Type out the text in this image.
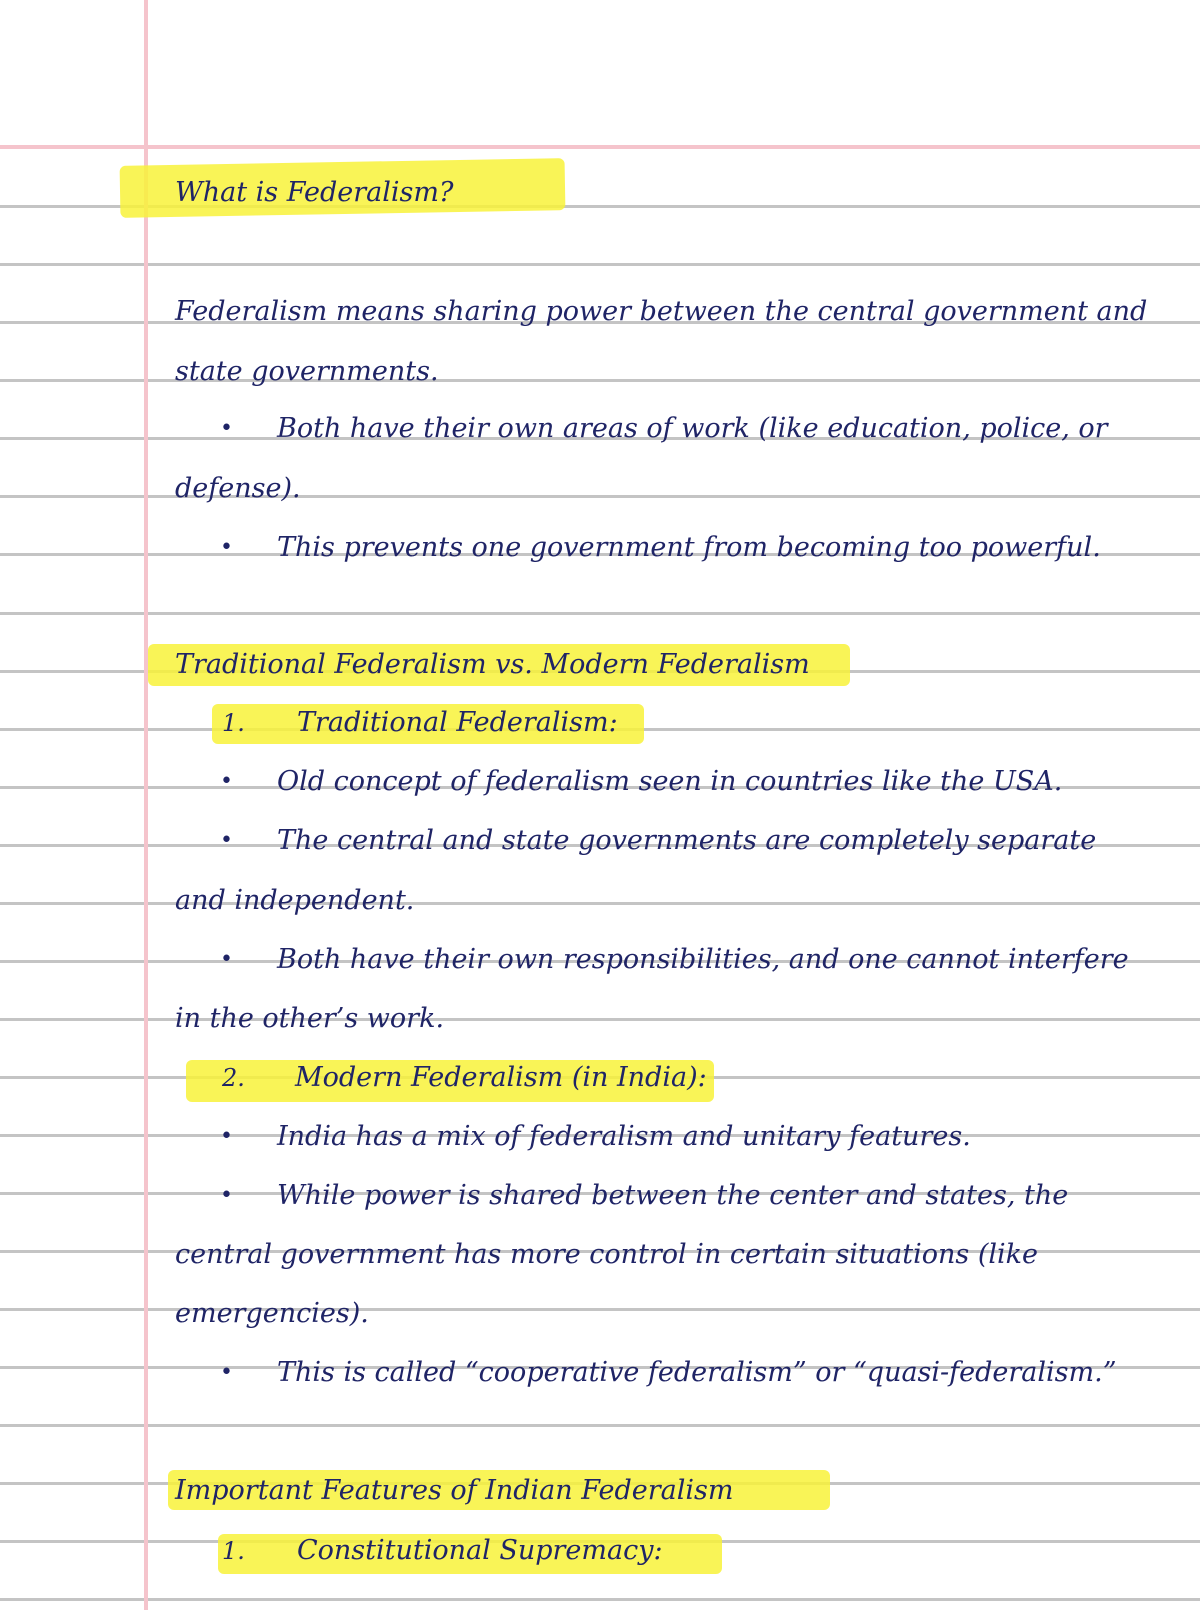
What is Federalism?
Federalism means sharing power between the central government and
state governments.
• Both have their own areas of work (like education, police, or
defense).
• This prevents one government from becoming too powerful.
Traditional Federalism vs. Modern Federalism
1. Traditional Federalism:
• Old concept of federalism seen in countries like the USA.
• The central and state governments are completely separate
and independent.
• Both have their own responsibilities, and one cannot interfere
in the other’s work.
2. Modern Federalism (in India):
• India has a mix of federalism and unitary features.
• While power is shared between the center and states, the
central government has more control in certain situations (like
emergencies).
• This is called “cooperative federalism” or “quasi-federalism.”
Important Features of Indian Federalism
1. Constitutional Supremacy:
